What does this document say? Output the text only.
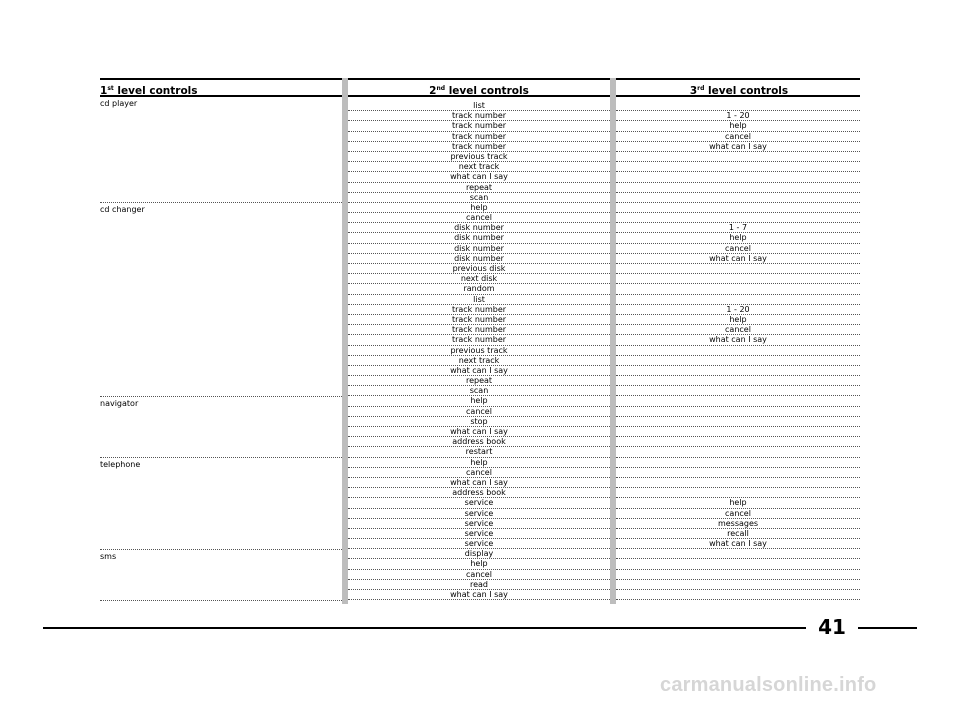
1st level controls	2nd level controls	3rd level controls
cd player
cd changer
navigator
telephone
sms
list
track number
track number
track number
track number
previous track
next track
what can I say
repeat
scan
help
cancel
disk number
disk number
disk number
disk number
previous disk
next disk
random
list
track number
track number
track number
track number
previous track
next track
what can I say
repeat
scan
help
cancel
stop
what can I say
address book
restart
help
cancel
what can I say
address book
service
service
service
service
service
display
help
cancel
read
what can I say
1 - 20
help
cancel
what can I say
1 - 7
help
cancel
what can I say
1 - 20
help
cancel
what can I say
help
cancel
messages
recall
what can I say
41
carmanualsonline.info
